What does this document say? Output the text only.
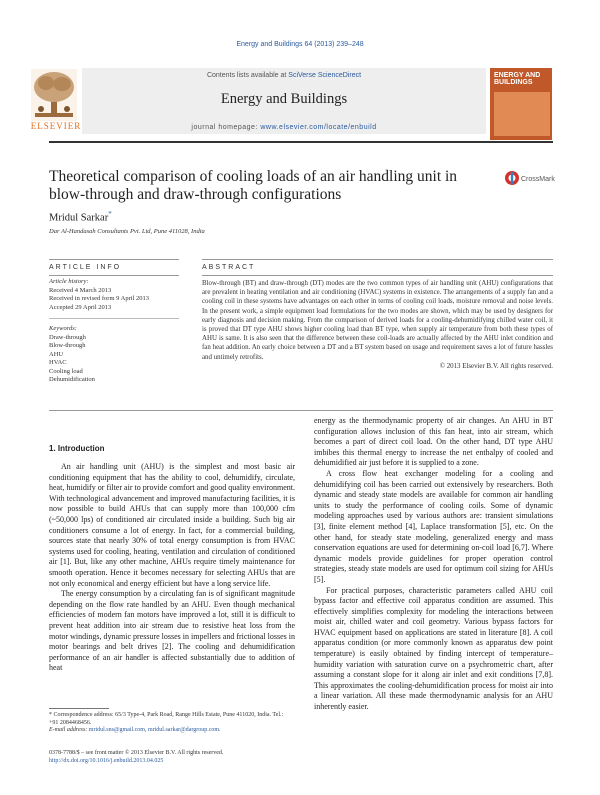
Energy and Buildings 64 (2013) 239–248
Contents lists available at SciVerse ScienceDirect
Energy and Buildings
journal homepage: www.elsevier.com/locate/enbuild
ELSEVIER
ENERGY AND BUILDINGS
Theoretical comparison of cooling loads of an air handling unit in blow-through and draw-through configurations
CrossMark
Mridul Sarkar*
Dar Al-Handasah Consultants Pvt. Ltd, Pune 411028, India
ARTICLE INFO	ABSTRACT
Article history:
Received 4 March 2013
Received in revised form 9 April 2013
Accepted 29 April 2013
Keywords:
Draw-through
Blow-through
AHU
HVAC
Cooling load
Dehumidification
Blow-through (BT) and draw-through (DT) modes are the two common types of air handling unit (AHU) configurations that are prevalent in heating ventilation and air conditioning (HVAC) systems in existence. The arrangements of a supply fan and a cooling coil in these systems have advantages on each other in terms of cooling coil loads, moisture removal and noise levels. In the present work, a simple equipment load formulations for the two modes are shown, which may be used by designers for early diagnosis and decision making. From the comparison of derived loads for a cooling-dehumidifying chilled water coil, it is proved that DT type AHU shows higher cooling load than BT type, when supply air temperature from both these types of AHU is same. It is also seen that the difference between these coil-loads are actually affected by the AHU inlet condition and fan heat addition. An early choice between a DT and a BT system based on usage and requirement saves a lot of future hassles and untimely retrofits.
© 2013 Elsevier B.V. All rights reserved.
1. Introduction

An air handling unit (AHU) is the simplest and most basic air conditioning equipment that has the ability to cool, dehumidify, circulate, heat, humidify or filter air to provide comfort and good quality environment. With technological advancement and improved manufacturing facilities, it is now possible to build AHUs that can supply more than 100,000 cfm (~50,000 lps) of conditioned air circulated inside a building. Such big air conditioners consume a lot of energy. In fact, for a commercial building, sources state that nearly 30% of total energy consumption is from HVAC systems used for cooling, heating, ventilation and circulation of conditioned air [1]. But, like any other machine, AHUs require timely maintenance for smooth operation. Hence it becomes necessary for selecting AHUs that are not only economical and energy efficient but have a long service life.

The energy consumption by a circulating fan is of significant magnitude depending on the flow rate handled by an AHU. Even though mechanical efficiencies of modern fan motors have improved a lot, still it is difficult to prevent heat addition into air stream due to resistive heat loss from the motor windings, dynamic pressure losses in impellers and frictional losses in motor bearings and belt drives [2]. The cooling and dehumidification performance of an air handler is affected substantially due to addition of heat

energy as the thermodynamic property of air changes. An AHU in BT configuration allows inclusion of this fan heat, into air stream, which becomes a part of direct coil load. On the other hand, DT type AHU imbibes this thermal energy to increase the net enthalpy of cooled and dehumidified air just before it is supplied to a zone.

A cross flow heat exchanger modeling for a cooling and dehumidifying coil has been carried out extensively by researchers. Both dynamic and steady state models are available for common air handling units to study the performance of cooling coils. Some of dynamic modeling approaches used by various authors are: transient simulations [3], finite element method [4], Laplace transformation [5], etc. On the other hand, for steady state modeling, generalized energy and mass conservation equations are used for determining on-coil load [6,7]. Where dynamic models provide guidelines for proper operation control strategies, steady state models are used for optimum coil sizing for AHUs [5].

For practical purposes, characteristic parameters called AHU coil bypass factor and effective coil apparatus condition are assumed. This effectively simplifies complexity for modeling the interactions between moist air, chilled water and coil geometry. Various bypass factors for HVAC equipment based on applications are stated in literature [8]. A coil apparatus condition (or more commonly known as apparatus dew point temperature) is easily obtained by finding intercept of temperature–humidity variation with saturation curve on a psychrometric chart, after assuming a constant slope for it along air inlet and exit conditions [7,8]. This approximates the cooling-dehumidification process for moist air into a linear variation. All these made thermodynamic analysis for an AHU inherently easier.

* Correspondence address: 65/3 Type-4, Park Road, Range Hills Estate, Pune 411020, India. Tel.: +91 2084468456.
E-mail address: mridul.sns@gmail.com, mridul.sarkar@dargroup.com.
0378-7788/$ – see front matter © 2013 Elsevier B.V. All rights reserved.
http://dx.doi.org/10.1016/j.enbuild.2013.04.025
